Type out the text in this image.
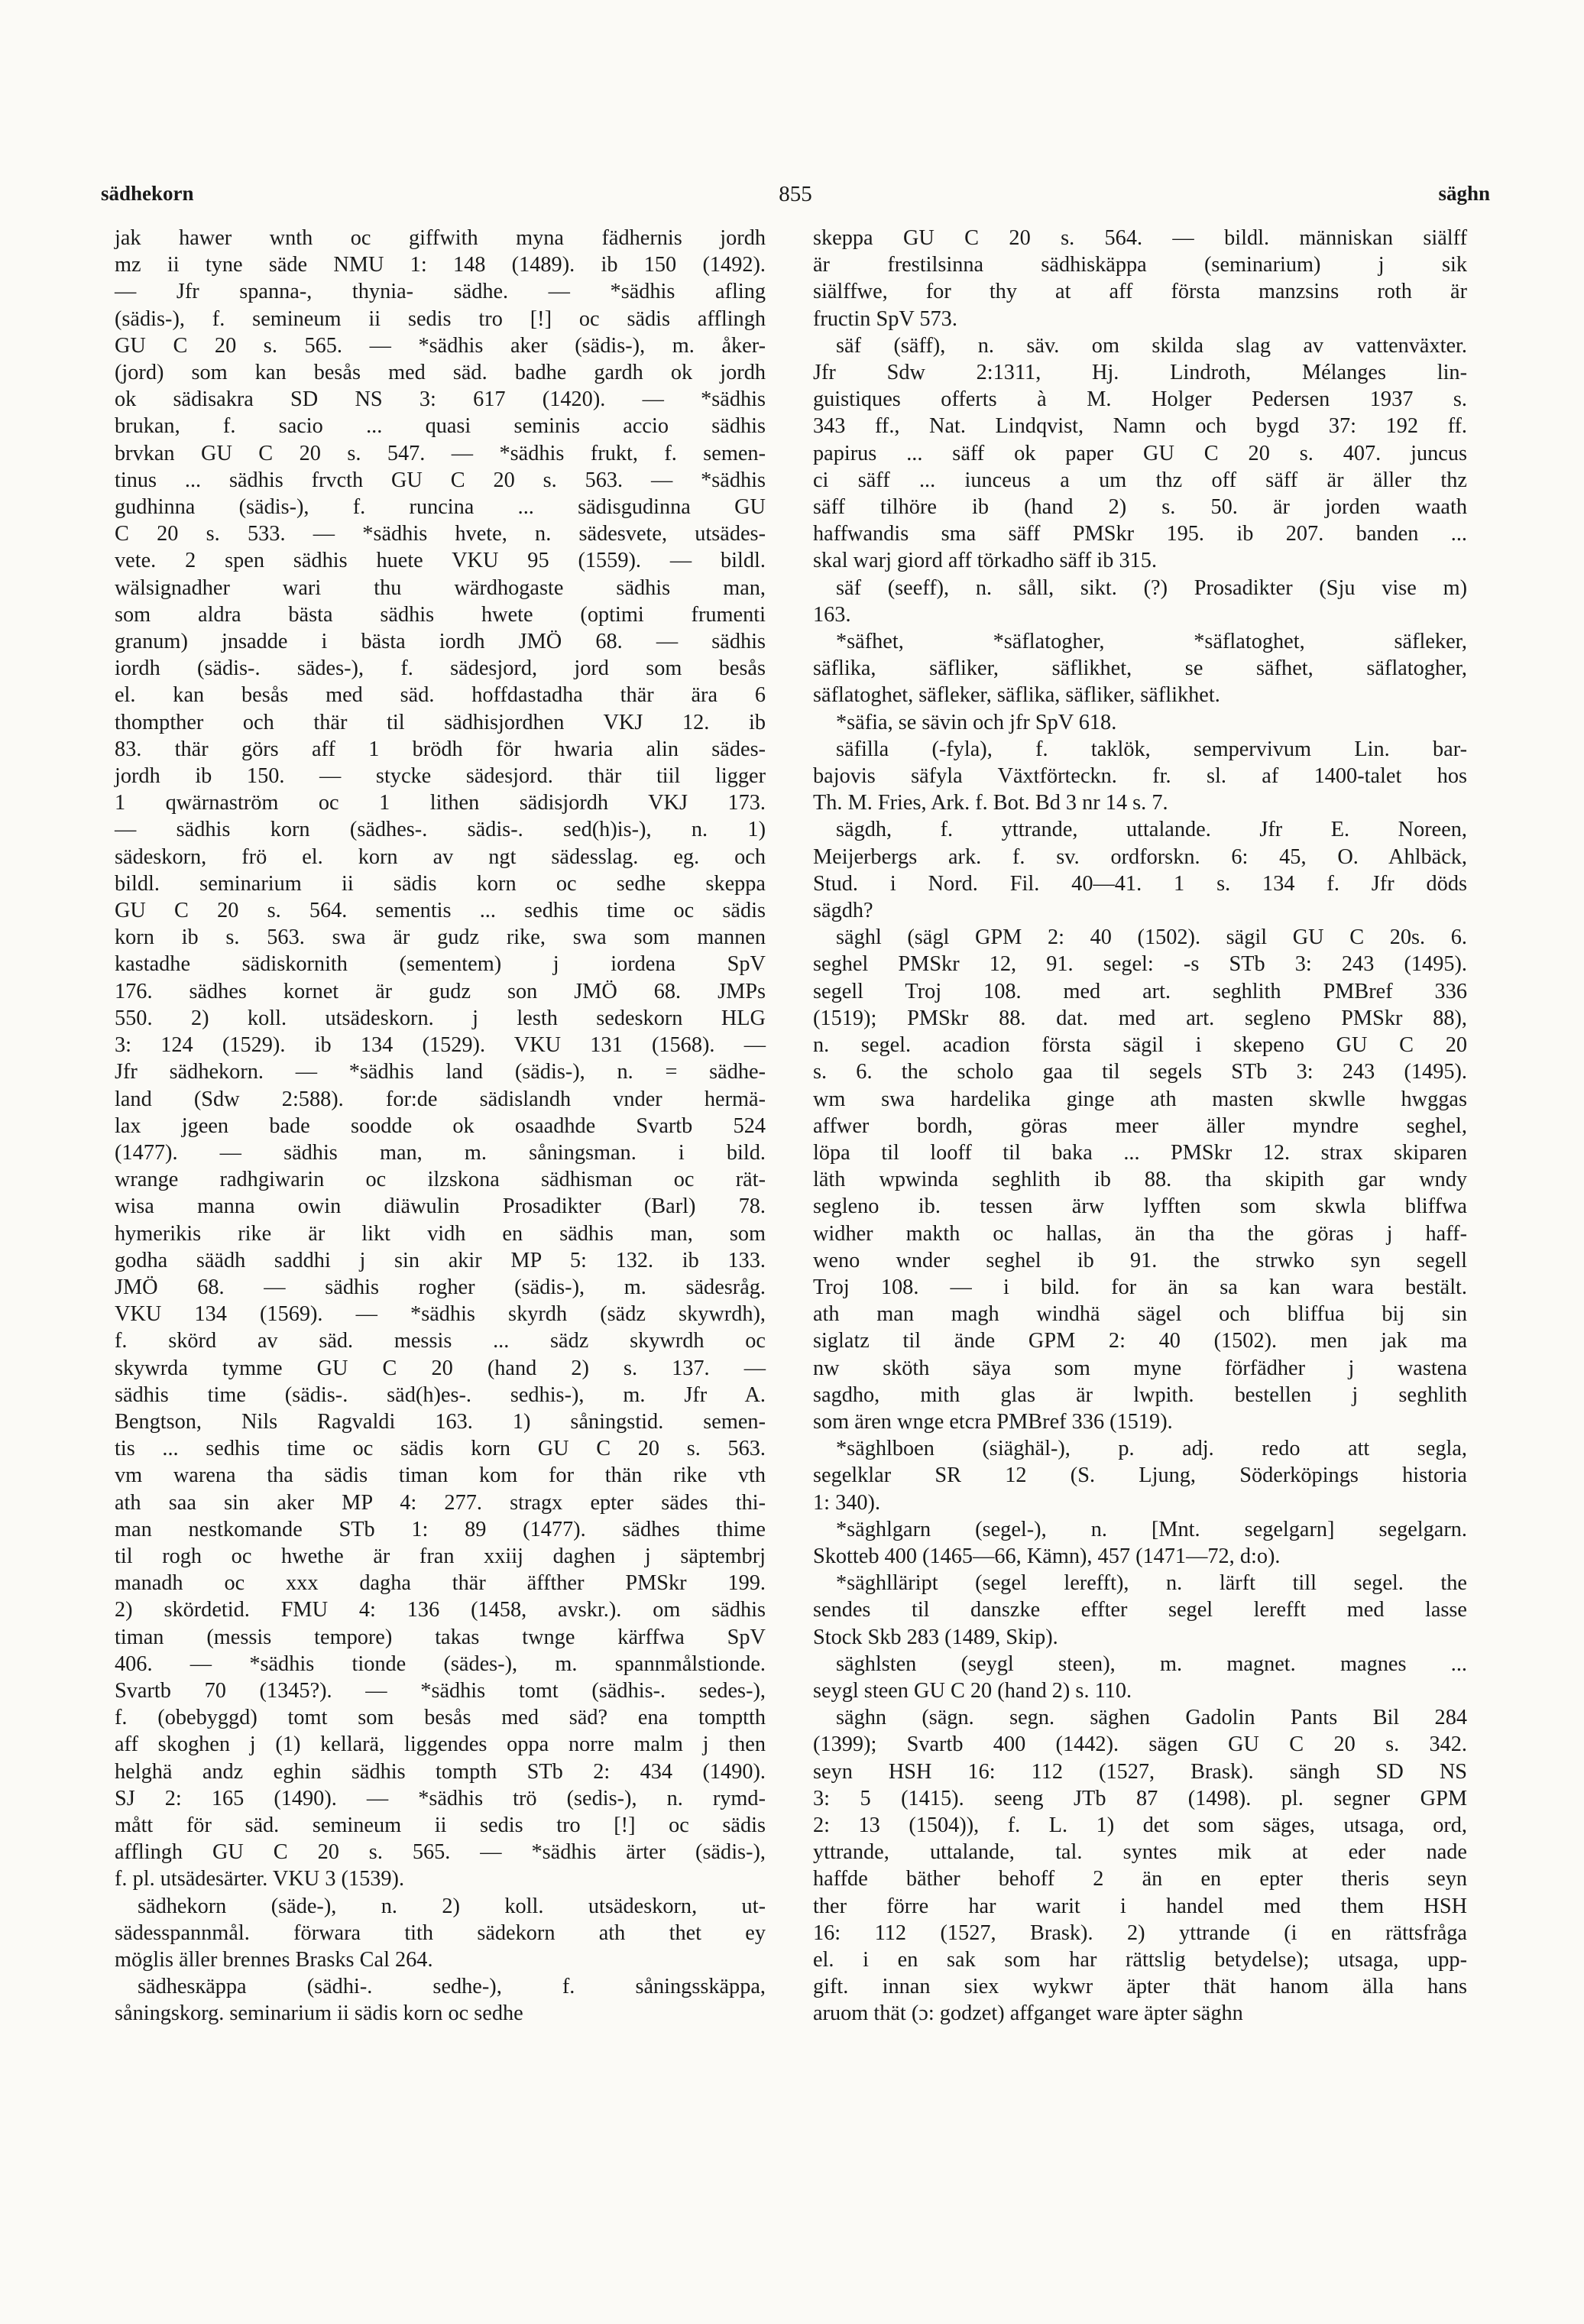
sädhekorn	855	säghn
jak hawer wnth oc giffwith myna fädhernis jordh
mz ii tyne säde NMU 1: 148 (1489). ib 150 (1492).
— Jfr spanna-, thynia- sädhe. — *sädhis afling
(sädis-), f. semineum ii sedis tro [!] oc sädis afflingh
GU C 20 s. 565. — *sädhis aker (sädis-), m. åker-
(jord) som kan besås med säd. badhe gardh ok jordh
ok sädisakra SD NS 3: 617 (1420). — *sädhis
brukan, f. sacio ... quasi seminis accio sädhis
brvkan GU C 20 s. 547. — *sädhis frukt, f. semen-
tinus ... sädhis frvcth GU C 20 s. 563. — *sädhis
gudhinna (sädis-), f. runcina ... sädisgudinna GU
C 20 s. 533. — *sädhis hvete, n. sädesvete, utsädes-
vete. 2 spen sädhis huete VKU 95 (1559). — bildl.
wälsignadher wari thu wärdhogaste sädhis man,
som aldra bästa sädhis hwete (optimi frumenti
granum) jnsadde i bästa iordh JMÖ 68. — sädhis
iordh (sädis-. sädes-), f. sädesjord, jord som besås
el. kan besås med säd. hoffdastadha thär ära 6
thompther och thär til sädhisjordhen VKJ 12. ib
83. thär görs aff 1 brödh för hwaria alin sädes-
jordh ib 150. — stycke sädesjord. thär tiil ligger
1 qwärnaström oc 1 lithen sädisjordh VKJ 173.
— sädhis korn (sädhes-. sädis-. sed(h)is-), n. 1)
sädeskorn, frö el. korn av ngt sädesslag. eg. och
bildl. seminarium ii sädis korn oc sedhe skeppa
GU C 20 s. 564. sementis ... sedhis time oc sädis
korn ib s. 563. swa är gudz rike, swa som mannen
kastadhe sädiskornith (sementem) j iordena SpV
176. sädhes kornet är gudz son JMÖ 68. JMPs
550. 2) koll. utsädeskorn. j lesth sedeskorn HLG
3: 124 (1529). ib 134 (1529). VKU 131 (1568). —
Jfr sädhekorn. — *sädhis land (sädis-), n. = sädhe-
land (Sdw 2:588). for:de sädislandh vnder hermä-
lax jgeen bade soodde ok osaadhde Svartb 524
(1477). — sädhis man, m. såningsman. i bild.
wrange radhgiwarin oc ilzskona sädhisman oc rät-
wisa manna owin diäwulin Prosadikter (Barl) 78.
hymerikis rike är likt vidh en sädhis man, som
godha säädh saddhi j sin akir MP 5: 132. ib 133.
JMÖ 68. — sädhis rogher (sädis-), m. sädesråg.
VKU 134 (1569). — *sädhis skyrdh (sädz skywrdh),
f. skörd av säd. messis ... sädz skywrdh oc
skywrda tymme GU C 20 (hand 2) s. 137. —
sädhis time (sädis-. säd(h)es-. sedhis-), m. Jfr A.
Bengtson, Nils Ragvaldi 163. 1) såningstid. semen-
tis ... sedhis time oc sädis korn GU C 20 s. 563.
vm warena tha sädis timan kom for thän rike vth
ath saa sin aker MP 4: 277. stragx epter sädes thi-
man nestkomande STb 1: 89 (1477). sädhes thime
til rogh oc hwethe är fran xxiij daghen j säptembrj
manadh oc xxx dagha thär äffther PMSkr 199.
2) skördetid. FMU 4: 136 (1458, avskr.). om sädhis
timan (messis tempore) takas twnge kärffwa SpV
406. — *sädhis tionde (sädes-), m. spannmålstionde.
Svartb 70 (1345?). — *sädhis tomt (sädhis-. sedes-),
f. (obebyggd) tomt som besås med säd? ena tomptth
aff skoghen j (1) kellarä, liggendes oppa norre malm j then
helghä andz eghin sädhis tompth STb 2: 434 (1490).
SJ 2: 165 (1490). — *sädhis trö (sedis-), n. rymd-
mått för säd. semineum ii sedis tro [!] oc sädis
afflingh GU C 20 s. 565. — *sädhis ärter (sädis-),
f. pl. utsädesärter. VKU 3 (1539).
sädhekorn (säde-), n. 2) koll. utsädeskorn, ut-
sädesspannmål. förwara tith sädekorn ath thet ey
möglis äller brennes Brasks Cal 264.
sädhesкäppa (sädhi-. sedhe-), f. såningsskäppa,
såningskorg. seminarium ii sädis korn oc sedhe
skeppa GU C 20 s. 564. — bildl. människan siälff
är frestilsinna sädhiskäppa (seminarium) j sik
siälffwe, for thy at aff första manzsins roth är
fructin SpV 573.
säf (säff), n. säv. om skilda slag av vattenväxter.
Jfr Sdw 2:1311, Hj. Lindroth, Mélanges lin-
guistiques offerts à M. Holger Pedersen 1937 s.
343 ff., Nat. Lindqvist, Namn och bygd 37: 192 ff.
papirus ... säff ok paper GU C 20 s. 407. juncus
ci säff ... iunceus a um thz off säff är äller thz
säff tilhöre ib (hand 2) s. 50. är jorden waath
haffwandis sma säff PMSkr 195. ib 207. banden ...
skal warj giord aff törkadho säff ib 315.
säf (seeff), n. såll, sikt. (?) Prosadikter (Sju vise m)
163.
*säfhet, *säflatogher, *säflatoghet, säfleker,
säflika, säfliker, säflikhet, se säfhet, säflatogher,
säflatoghet, säfleker, säflika, säfliker, säflikhet.
*säfia, se sävin och jfr SpV 618.
säfilla (-fyla), f. taklök, sempervivum Lin. bar-
bajovis säfyla Växtförteckn. fr. sl. af 1400-talet hos
Th. M. Fries, Ark. f. Bot. Bd 3 nr 14 s. 7.
sägdh, f. yttrande, uttalande. Jfr E. Noreen,
Meijerbergs ark. f. sv. ordforskn. 6: 45, O. Ahlbäck,
Stud. i Nord. Fil. 40—41. 1 s. 134 f. Jfr döds
sägdh?
säghl (sägl GPM 2: 40 (1502). sägil GU C 20s. 6.
seghel PMSkr 12, 91. segel: -s STb 3: 243 (1495).
segell Troj 108. med art. seghlith PMBref 336
(1519); PMSkr 88. dat. med art. segleno PMSkr 88),
n. segel. acadion första sägil i skepeno GU C 20
s. 6. the scholo gaa til segels STb 3: 243 (1495).
wm swa hardelika ginge ath masten skwlle hwggas
affwer bordh, göras meer äller myndre seghel,
löpa til looff til baka ... PMSkr 12. strax skiparen
läth wpwinda seghlith ib 88. tha skipith gar wndy
segleno ib. tessen ärw lyfften som skwla bliffwa
widher makth oc hallas, än tha the göras j haff-
weno wnder seghel ib 91. the strwko syn segell
Troj 108. — i bild. for än sa kan wara bestält.
ath man magh windhä sägel och bliffua bij sin
siglatz til ände GPM 2: 40 (1502). men jak ma
nw sköth säya som myne förfädher j wastena
sagdho, mith glas är lwpith. bestellen j seghlith
som ären wnge etcra PMBref 336 (1519).
*säghlboen (siäghäl-), p. adj. redo att segla,
segelklar SR 12 (S. Ljung, Söderköpings historia
1: 340).
*säghlgarn (segel-), n. [Mnt. segelgarn] segelgarn.
Skotteb 400 (1465—66, Kämn), 457 (1471—72, d:o).
*säghlläript (segel lerefft), n. lärft till segel. the
sendes til danszke effter segel lerefft med lasse
Stock Skb 283 (1489, Skip).
säghlsten (seygl steen), m. magnet. magnes ...
seygl steen GU C 20 (hand 2) s. 110.
säghn (sägn. segn. säghen Gadolin Pants Bil 284
(1399); Svartb 400 (1442). sägen GU C 20 s. 342.
seyn HSH 16: 112 (1527, Brask). sängh SD NS
3: 5 (1415). seeng JTb 87 (1498). pl. segner GPM
2: 13 (1504)), f. L. 1) det som säges, utsaga, ord,
yttrande, uttalande, tal. syntes mik at eder nade
haffde bäther behoff 2 än en epter theris seyn
ther förre har warit i handel med them HSH
16: 112 (1527, Brask). 2) yttrande (i en rättsfråga
el. i en sak som har rättslig betydelse); utsaga, upp-
gift. innan siex wykwr äpter thät hanom älla hans
aruom thät (ɔ: godzet) affganget ware äpter säghn
